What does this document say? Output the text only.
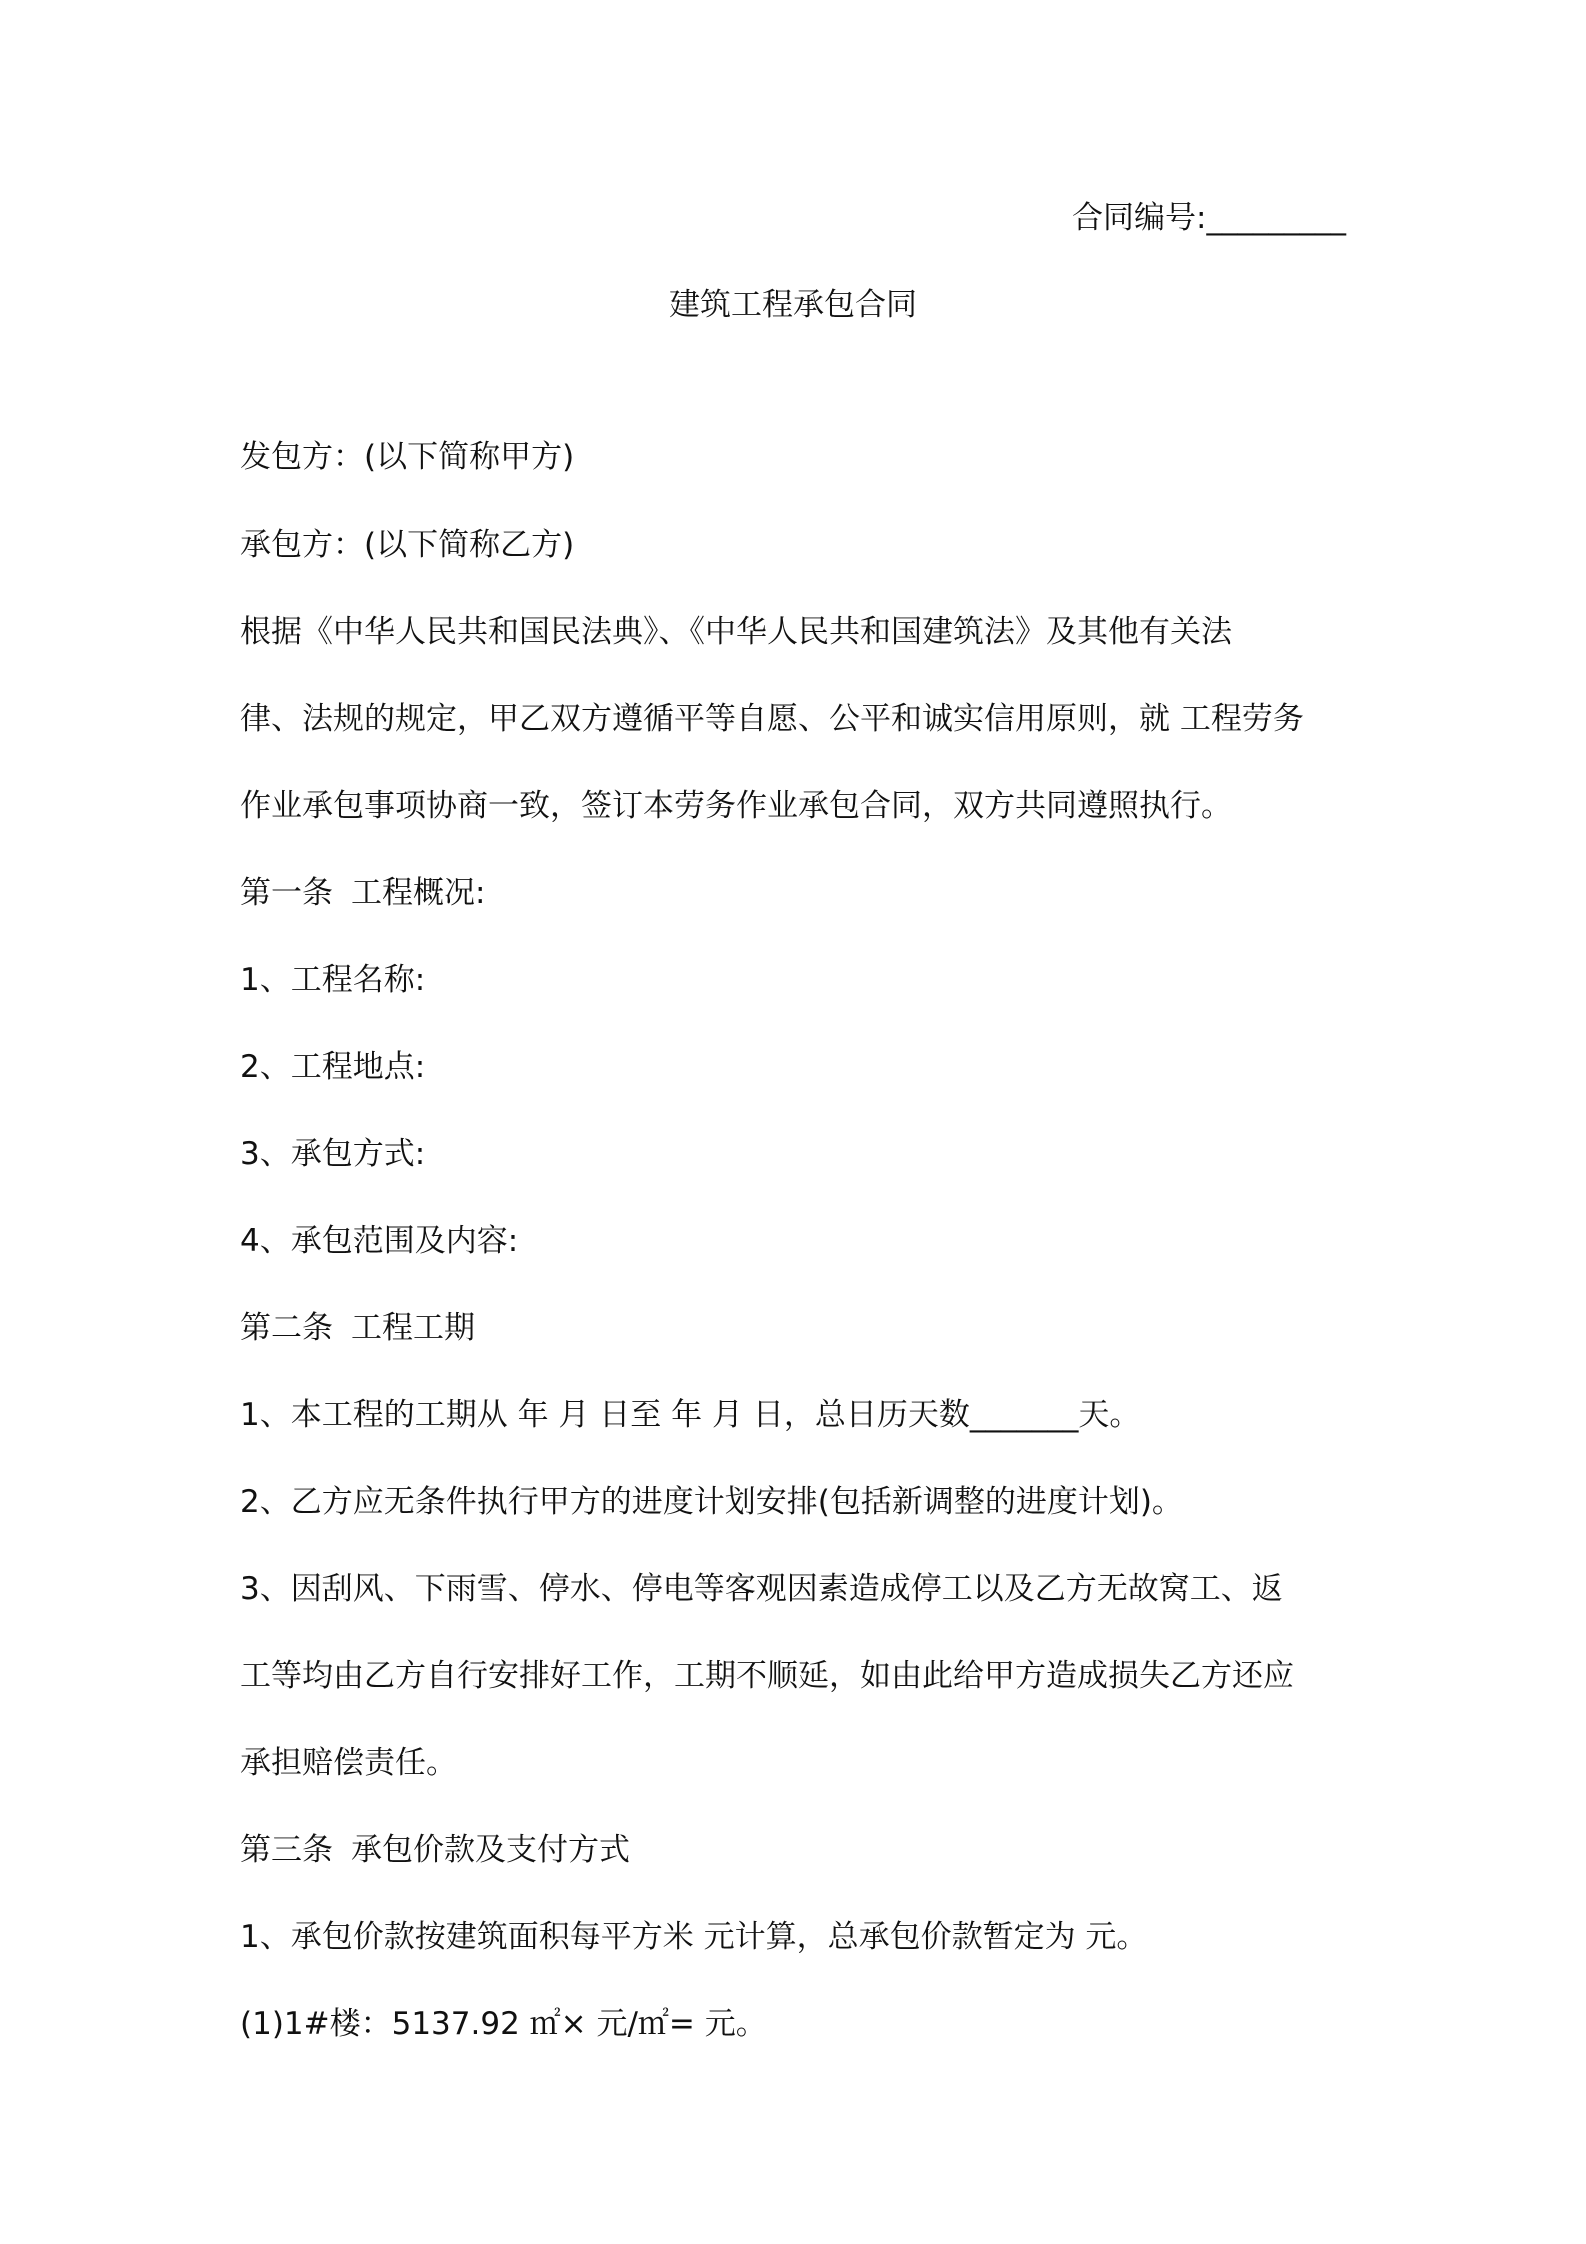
合同编号:_________
建筑工程承包合同
发包方：(以下简称甲方)
承包方：(以下简称乙方)
根据《中华人民共和国民法典》、《中华人民共和国建筑法》及其他有关法
律、法规的规定，甲乙双方遵循平等自愿、公平和诚实信用原则，就 工程劳务
作业承包事项协商一致，签订本劳务作业承包合同，双方共同遵照执行。
第一条 工程概况:
1、工程名称:
2、工程地点:
3、承包方式:
4、承包范围及内容:
第二条 工程工期
1、本工程的工期从 年 月 日至 年 月 日，总日历天数_______天。
2、乙方应无条件执行甲方的进度计划安排(包括新调整的进度计划)。
3、因刮风、下雨雪、停水、停电等客观因素造成停工以及乙方无故窝工、返
工等均由乙方自行安排好工作，工期不顺延，如由此给甲方造成损失乙方还应
承担赔偿责任。
第三条 承包价款及支付方式
1、承包价款按建筑面积每平方米 元计算，总承包价款暂定为 元。
(1)1#楼：5137.92 ㎡× 元/㎡= 元。
